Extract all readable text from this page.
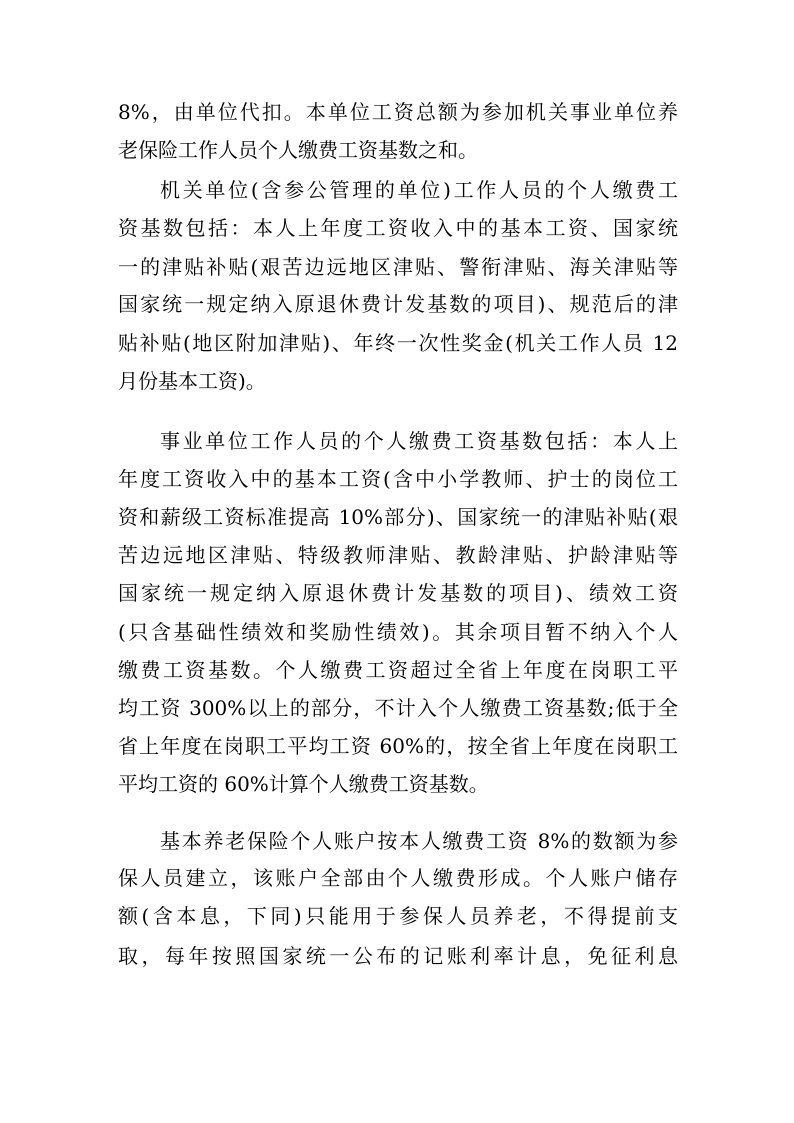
8%，由单位代扣。本单位工资总额为参加机关事业单位养
老保险工作人员个人缴费工资基数之和。
机关单位(含参公管理的单位)工作人员的个人缴费工
资基数包括：本人上年度工资收入中的基本工资、国家统
一的津贴补贴(艰苦边远地区津贴、警衔津贴、海关津贴等
国家统一规定纳入原退休费计发基数的项目)、规范后的津
贴补贴(地区附加津贴)、年终一次性奖金(机关工作人员 12
月份基本工资)。
事业单位工作人员的个人缴费工资基数包括：本人上
年度工资收入中的基本工资(含中小学教师、护士的岗位工
资和薪级工资标准提高 10%部分)、国家统一的津贴补贴(艰
苦边远地区津贴、特级教师津贴、教龄津贴、护龄津贴等
国家统一规定纳入原退休费计发基数的项目)、绩效工资
(只含基础性绩效和奖励性绩效)。其余项目暂不纳入个人
缴费工资基数。个人缴费工资超过全省上年度在岗职工平
均工资 300%以上的部分，不计入个人缴费工资基数;低于全
省上年度在岗职工平均工资 60%的，按全省上年度在岗职工
平均工资的 60%计算个人缴费工资基数。
基本养老保险个人账户按本人缴费工资 8%的数额为参
保人员建立，该账户全部由个人缴费形成。个人账户储存
额(含本息，下同)只能用于参保人员养老，不得提前支
取，每年按照国家统一公布的记账利率计息，免征利息
